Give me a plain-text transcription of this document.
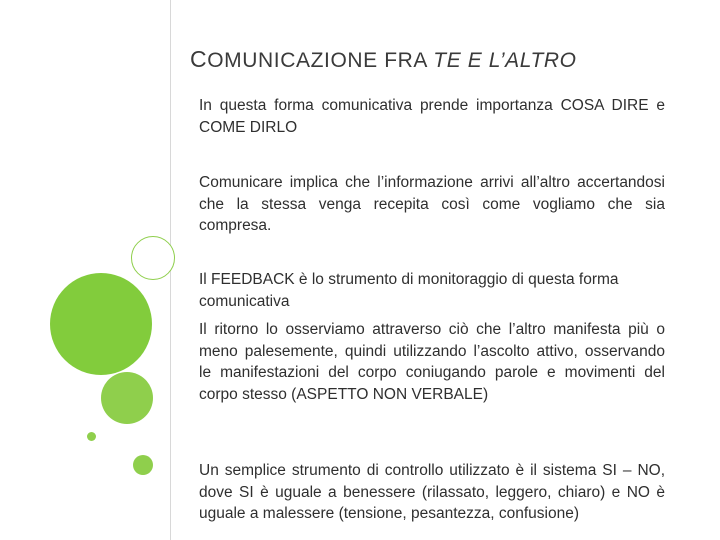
COMUNICAZIONE FRA TE E L’ALTRO

In questa forma comunicativa prende importanza COSA DIRE e COME DIRLO

Comunicare implica che l’informazione arrivi all’altro accertandosi che la stessa venga recepita così come vogliamo che sia compresa.

Il FEEDBACK è lo strumento di monitoraggio di questa forma comunicativa

Il ritorno lo osserviamo attraverso ciò che l’altro manifesta più o meno palesemente, quindi utilizzando l’ascolto attivo, osservando le manifestazioni del corpo coniugando parole e movimenti del corpo stesso (ASPETTO NON VERBALE)

Un semplice strumento di controllo utilizzato è il sistema SI – NO, dove SI è uguale a benessere (rilassato, leggero, chiaro) e NO è uguale a malessere (tensione, pesantezza, confusione)
